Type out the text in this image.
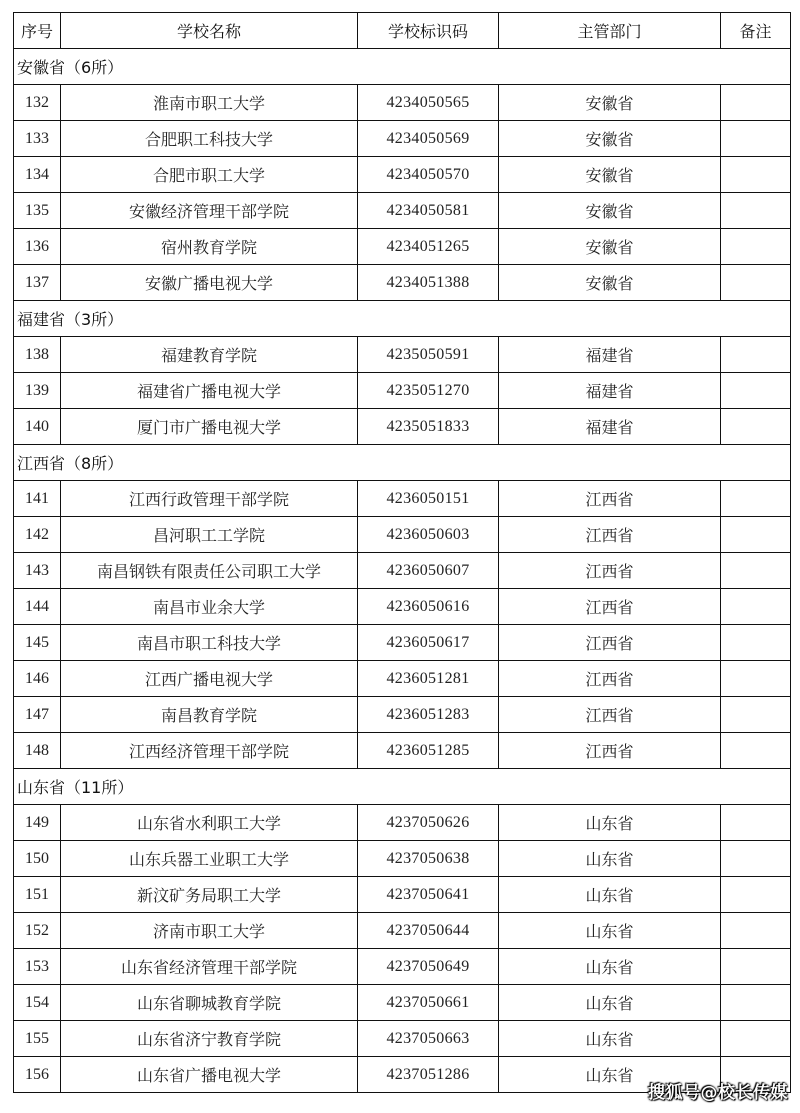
序号	学校名称	学校标识码	主管部门	备注
安徽省（6所）				
132	淮南市职工大学	4234050565	安徽省	
133	合肥职工科技大学	4234050569	安徽省	
134	合肥市职工大学	4234050570	安徽省	
135	安徽经济管理干部学院	4234050581	安徽省	
136	宿州教育学院	4234051265	安徽省	
137	安徽广播电视大学	4234051388	安徽省	
福建省（3所）				
138	福建教育学院	4235050591	福建省	
139	福建省广播电视大学	4235051270	福建省	
140	厦门市广播电视大学	4235051833	福建省	
江西省（8所）				
141	江西行政管理干部学院	4236050151	江西省	
142	昌河职工工学院	4236050603	江西省	
143	南昌钢铁有限责任公司职工大学	4236050607	江西省	
144	南昌市业余大学	4236050616	江西省	
145	南昌市职工科技大学	4236050617	江西省	
146	江西广播电视大学	4236051281	江西省	
147	南昌教育学院	4236051283	江西省	
148	江西经济管理干部学院	4236051285	江西省	
山东省（11所）				
149	山东省水利职工大学	4237050626	山东省	
150	山东兵器工业职工大学	4237050638	山东省	
151	新汶矿务局职工大学	4237050641	山东省	
152	济南市职工大学	4237050644	山东省	
153	山东省经济管理干部学院	4237050649	山东省	
154	山东省聊城教育学院	4237050661	山东省	
155	山东省济宁教育学院	4237050663	山东省	
156	山东省广播电视大学	4237051286	山东省	
搜狐号@校长传媒
